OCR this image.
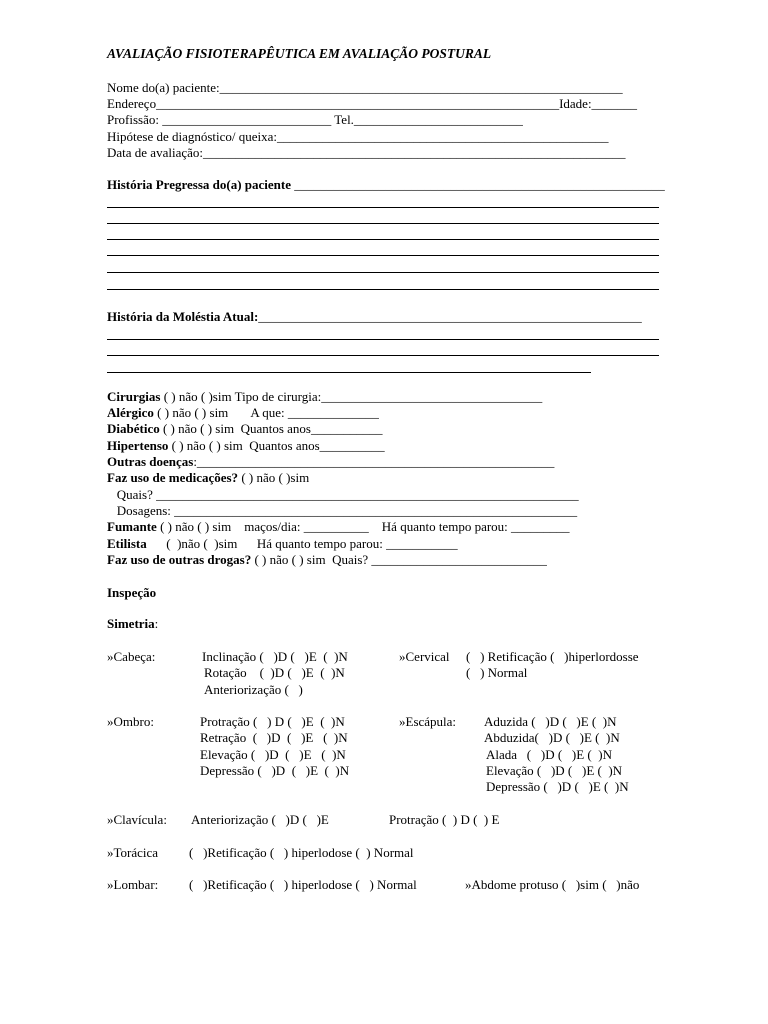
AVALIAÇÃO FISIOTERAPÊUTICA EM AVALIAÇÃO POSTURAL
Nome do(a) paciente:______________________________________________________________
Endereço______________________________________________________________Idade:_______
Profissão: __________________________ Tel.__________________________
Hipótese de diagnóstico/ queixa:___________________________________________________
Data de avaliação:_________________________________________________________________
História Pregressa do(a) paciente _________________________________________________________
História da Moléstia Atual:___________________________________________________________
Cirurgias ( ) não ( )sim Tipo de cirurgia:__________________________________
Alérgico ( ) não ( ) sim       A que: ______________
Diabético ( ) não ( ) sim  Quantos anos___________
Hipertenso ( ) não ( ) sim  Quantos anos__________
Outras doenças:_______________________________________________________
Faz uso de medicações? ( ) não ( )sim
Quais? _________________________________________________________________
Dosagens: ______________________________________________________________
Fumante ( ) não ( ) sim    maços/dia: __________    Há quanto tempo parou: _________
Etilista      (  )não (  )sim      Há quanto tempo parou: ___________
Faz uso de outras drogas? ( ) não ( ) sim  Quais? ___________________________
Inspeção
Simetria:
»Cabeça:	Inclinação (   )D (   )E  (  )N
Rotação    (  )D (   )E  (  )N
Anteriorização (   )
»Cervical (   ) Retificação (   )hiperlordosse
(   ) Normal
»Ombro:	Protração (   ) D (   )E  (  )N
Retração  (   )D  (   )E   (  )N
Elevação (   )D  (   )E   (  )N
Depressão (   )D  (   )E  (  )N
»Escápula: Aduzida (   )D (   )E (  )N
Abduzida(   )D (   )E (  )N
Alada   (   )D (   )E (  )N
Elevação (   )D (   )E (  )N
Depressão (   )D (   )E (  )N
»Clavícula: Anteriorização (   )D (   )E	Protração (  ) D (  ) E
»Torácica (   )Retificação (   ) hiperlodose (  ) Normal
»Lombar: (   )Retificação (   ) hiperlodose (   ) Normal	»Abdome protuso (   )sim (   )não
